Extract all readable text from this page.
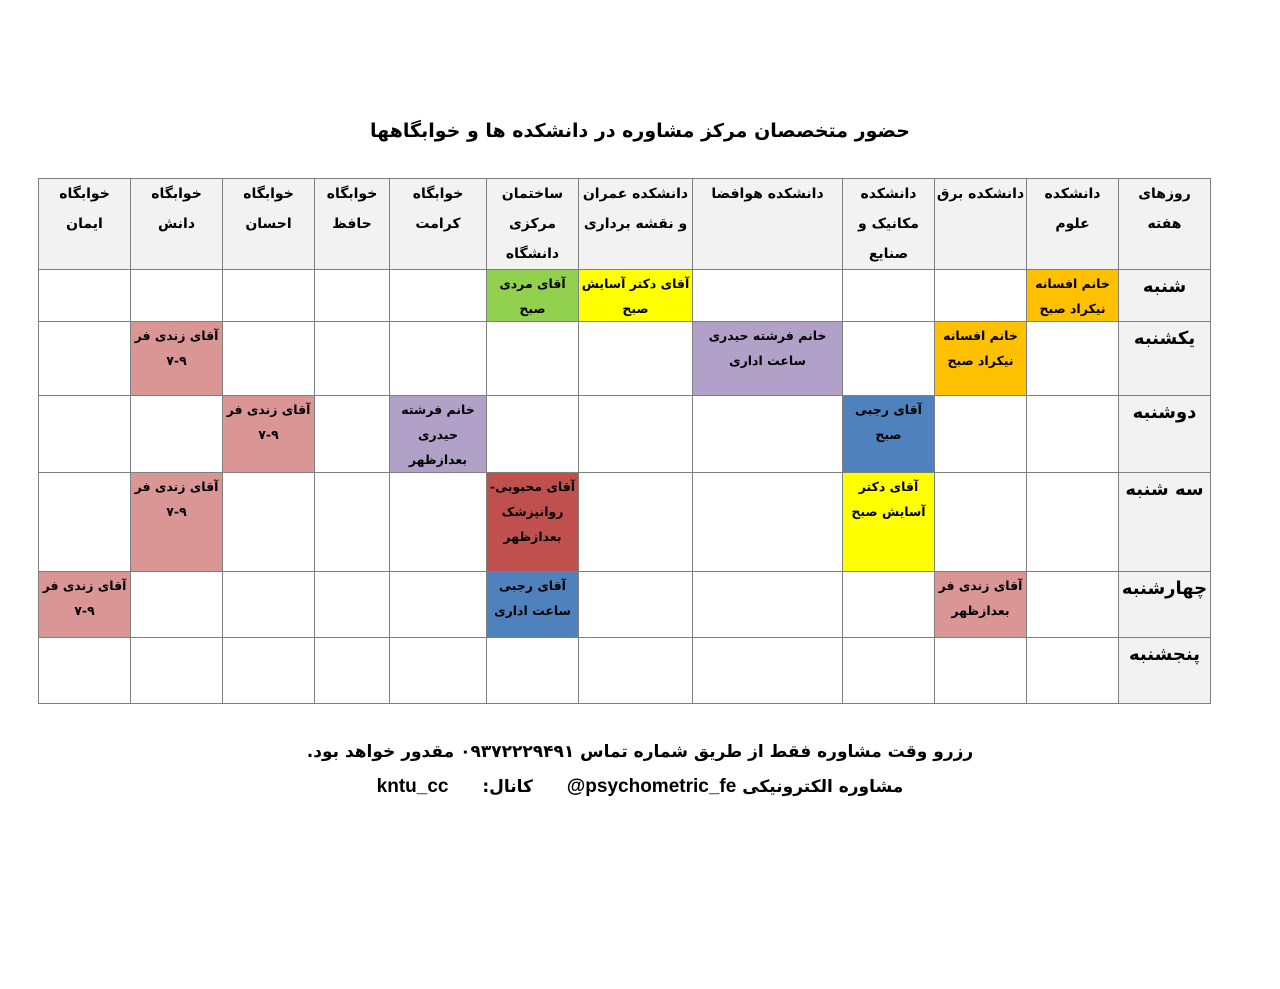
حضور متخصصان مرکز مشاوره در دانشکده ها و خوابگاهها
روزهای هفته	دانشکده علوم	دانشکده برق	دانشکده مکانیک و صنایع	دانشکده هوافضا	دانشکده عمران و نقشه برداری	ساختمان مرکزی دانشگاه	خوابگاه کرامت	خوابگاه حافظ	خوابگاه احسان	خوابگاه دانش	خوابگاه ایمان
شنبه	خانم افسانه نیکراد صبح				آقای دکتر آسایش صبح	آقای مردی صبح					
یکشنبه		خانم افسانه نیکراد صبح		خانم فرشته حیدری ساعت اداری						آقای زندی فر ۹-۷	
دوشنبه			آقای رجبی صبح				خانم فرشته حیدری بعدازظهر		آقای زندی فر ۹-۷		
سه شنبه			آقای دکتر آسایش صبح			آقای محبوبی- روانپزشک بعدازظهر				آقای زندی فر ۹-۷	
چهارشنبه		آقای زندی فر بعدازظهر				آقای رجبی ساعت اداری					آقای زندی فر ۹-۷
پنجشنبه											
رزرو وقت مشاوره فقط از طریق شماره تماس ۰۹۳۷۲۲۲۹۴۹۱ مقدور خواهد بود.
مشاوره الکترونیکی @psychometric_fe  کانال:  kntu_cc
